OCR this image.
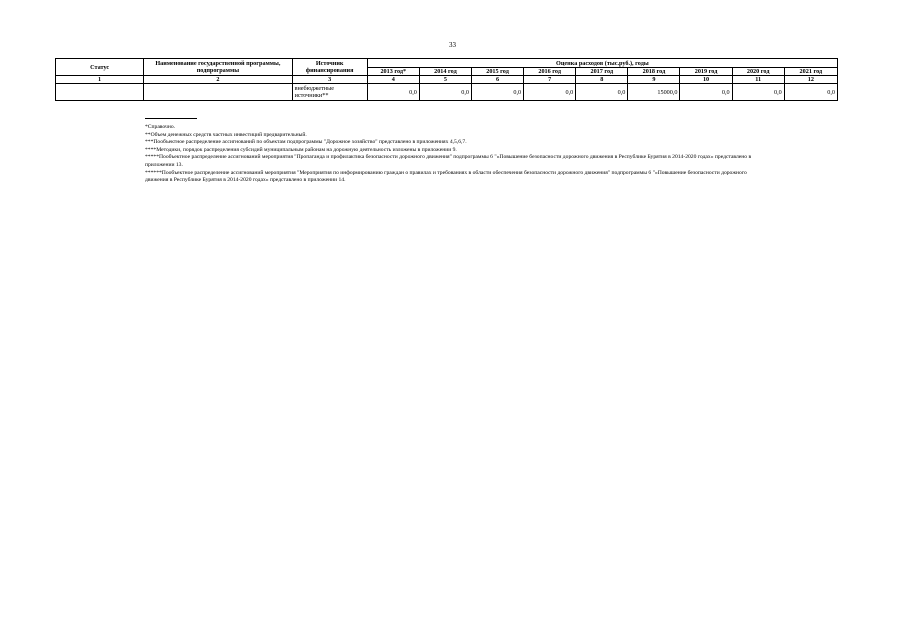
33
Статус	Наименование государственной программы, подпрограммы	Источник финансирования	Оценка расходов (тыс.руб.), годы								
			2013 год*	2014 год	2015 год	2016 год	2017 год	2018 год	2019 год	2020 год	2021 год
1	2	3	4	5	6	7	8	9	10	11	12
		внебюджетные источники**	0,0	0,0	0,0	0,0	0,0	15000,0	0,0	0,0	0,0

*Справочно.

**Объем денежных средств частных инвестиций предварительный.

***Пообъектное распределение ассигнований по объектам подпрограммы "Дорожное хозяйство" представлено в приложениях 4,5,6,7.

****Методики, порядок распределения субсидий муниципальным районам на дорожную деятельность изложены в приложении 9.

*****Пообъектное распределение ассигнований мероприятия "Пропаганда и профилактика безопасности дорожного движения" подпрограммы 6 "«Повышение безопасности дорожного движения в Республике Бурятия в 2014-2020 годах» представлено в приложении 13.

******Пообъектное распределение ассигнований мероприятия "Мероприятия по информированию граждан о правилах и требованиях в области обеспечения безопасности дорожного движения" подпрограммы 6 "«Повышение безопасности дорожного движения в Республике Бурятия в 2014-2020 годах» представлено в приложении 14.
